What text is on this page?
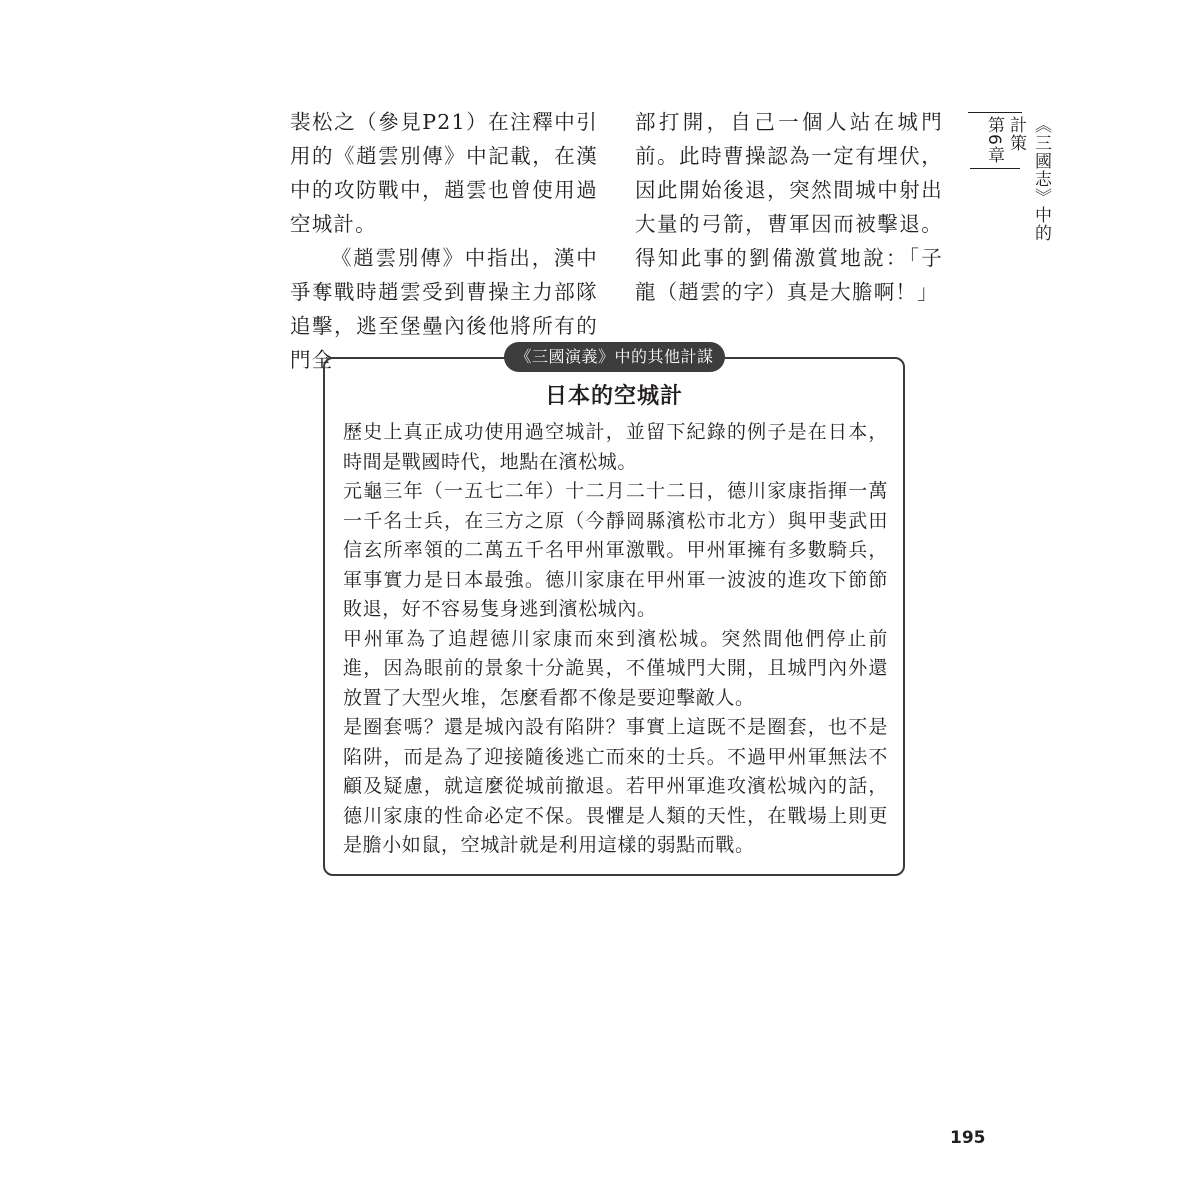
裴松之（參見P21）在注釋中引用的《趙雲別傳》中記載，在漢中的攻防戰中，趙雲也曾使用過空城計。

《趙雲別傳》中指出，漢中爭奪戰時趙雲受到曹操主力部隊追擊，逃至堡壘內後他將所有的門全

部打開，自己一個人站在城門前。此時曹操認為一定有埋伏，因此開始後退，突然間城中射出大量的弓箭，曹軍因而被擊退。得知此事的劉備激賞地說：「子龍（趙雲的字）真是大膽啊！」

第6章	《三國志》中的計策
《三國演義》中的其他計謀
日本的空城計

歷史上真正成功使用過空城計，並留下紀錄的例子是在日本，時間是戰國時代，地點在濱松城。

元龜三年（一五七二年）十二月二十二日，德川家康指揮一萬一千名士兵，在三方之原（今靜岡縣濱松市北方）與甲斐武田信玄所率領的二萬五千名甲州軍激戰。甲州軍擁有多數騎兵，軍事實力是日本最強。德川家康在甲州軍一波波的進攻下節節敗退，好不容易隻身逃到濱松城內。

甲州軍為了追趕德川家康而來到濱松城。突然間他們停止前進，因為眼前的景象十分詭異，不僅城門大開，且城門內外還放置了大型火堆，怎麼看都不像是要迎擊敵人。

是圈套嗎？還是城內設有陷阱？事實上這既不是圈套，也不是陷阱，而是為了迎接隨後逃亡而來的士兵。不過甲州軍無法不顧及疑慮，就這麼從城前撤退。若甲州軍進攻濱松城內的話，德川家康的性命必定不保。畏懼是人類的天性，在戰場上則更是膽小如鼠，空城計就是利用這樣的弱點而戰。

195
